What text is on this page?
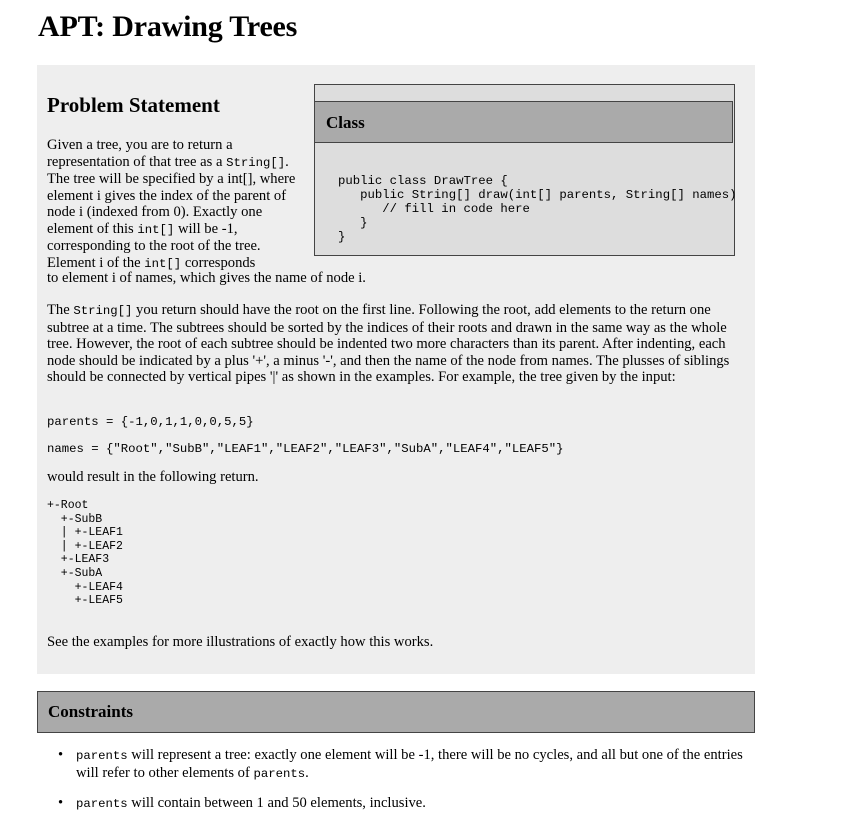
APT: Drawing Trees
Problem Statement
Class
public class DrawTree {
public String[] draw(int[] parents, String[] names)
// fill in code here
}
}

Given a tree, you are to return a representation of that tree as a String[]. The tree will be specified by a int[], where element i gives the index of the parent of node i (indexed from 0). Exactly one element of this int[] will be -1, corresponding to the root of the tree. Element i of the int[] corresponds

to element i of names, which gives the name of node i.

The String[] you return should have the root on the first line. Following the root, add elements to the return one subtree at a time. The subtrees should be sorted by the indices of their roots and drawn in the same way as the whole tree. However, the root of each subtree should be indented two more characters than its parent. After indenting, each node should be indicated by a plus '+', a minus '-', and then the name of the node from names. The plusses of siblings should be connected by vertical pipes '|' as shown in the examples. For example, the tree given by the input:

parents = {-1,0,1,1,0,0,5,5}
names = {"Root","SubB","LEAF1","LEAF2","LEAF3","SubA","LEAF4","LEAF5"}

would result in the following return.

+-Root
+-SubB
| +-LEAF1
| +-LEAF2
+-LEAF3
+-SubA
+-LEAF4
+-LEAF5

See the examples for more illustrations of exactly how this works.

Constraints
• parents will represent a tree: exactly one element will be -1, there will be no cycles, and all but one of the entries will refer to other elements of parents.
• parents will contain between 1 and 50 elements, inclusive.
